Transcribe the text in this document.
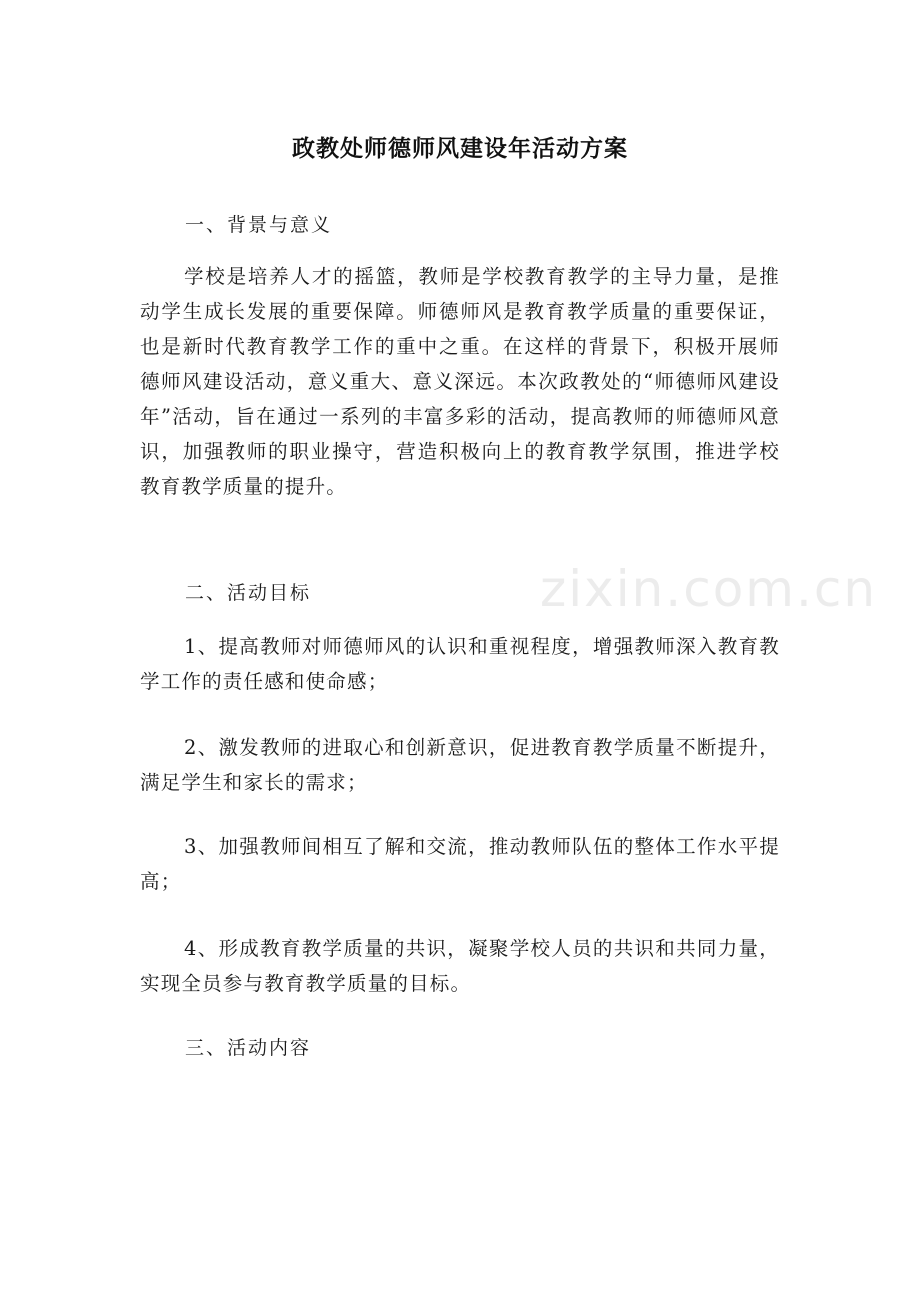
zixin.com.cn
政教处师德师风建设年活动方案
一、背景与意义
学校是培养人才的摇篮，教师是学校教育教学的主导力量，是推动学生成长发展的重要保障。师德师风是教育教学质量的重要保证，也是新时代教育教学工作的重中之重。在这样的背景下，积极开展师德师风建设活动，意义重大、意义深远。本次政教处的“师德师风建设年”活动，旨在通过一系列的丰富多彩的活动，提高教师的师德师风意识，加强教师的职业操守，营造积极向上的教育教学氛围，推进学校教育教学质量的提升。
二、活动目标
1、提高教师对师德师风的认识和重视程度，增强教师深入教育教学工作的责任感和使命感；
2、激发教师的进取心和创新意识，促进教育教学质量不断提升，满足学生和家长的需求；
3、加强教师间相互了解和交流，推动教师队伍的整体工作水平提高；
4、形成教育教学质量的共识，凝聚学校人员的共识和共同力量，实现全员参与教育教学质量的目标。
三、活动内容
